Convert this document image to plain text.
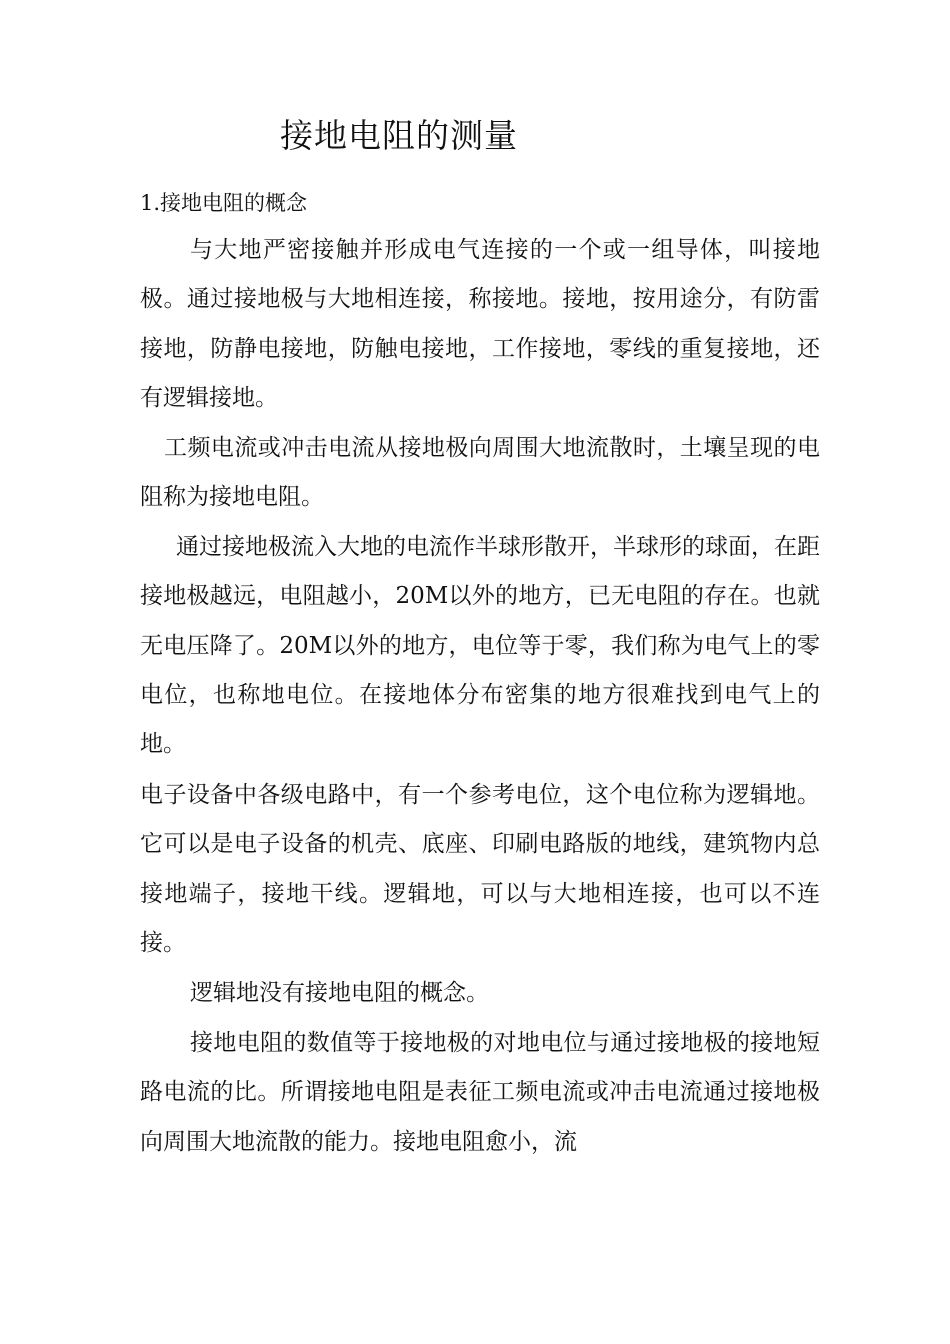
接地电阻的测量
1.接地电阻的概念

与大地严密接触并形成电气连接的一个或一组导体，叫接地极。通过接地极与大地相连接，称接地。接地，按用途分，有防雷接地，防静电接地，防触电接地，工作接地，零线的重复接地，还有逻辑接地。

工频电流或冲击电流从接地极向周围大地流散时，土壤呈现的电阻称为接地电阻。

通过接地极流入大地的电流作半球形散开，半球形的球面，在距接地极越远，电阻越小，20M以外的地方，已无电阻的存在。也就无电压降了。20M以外的地方，电位等于零，我们称为电气上的零电位，也称地电位。在接地体分布密集的地方很难找到电气上的地。

电子设备中各级电路中，有一个参考电位，这个电位称为逻辑地。它可以是电子设备的机壳、底座、印刷电路版的地线，建筑物内总接地端子，接地干线。逻辑地，可以与大地相连接，也可以不连接。

逻辑地没有接地电阻的概念。

接地电阻的数值等于接地极的对地电位与通过接地极的接地短路电流的比。所谓接地电阻是表征工频电流或冲击电流通过接地极向周围大地流散的能力。接地电阻愈小，流
